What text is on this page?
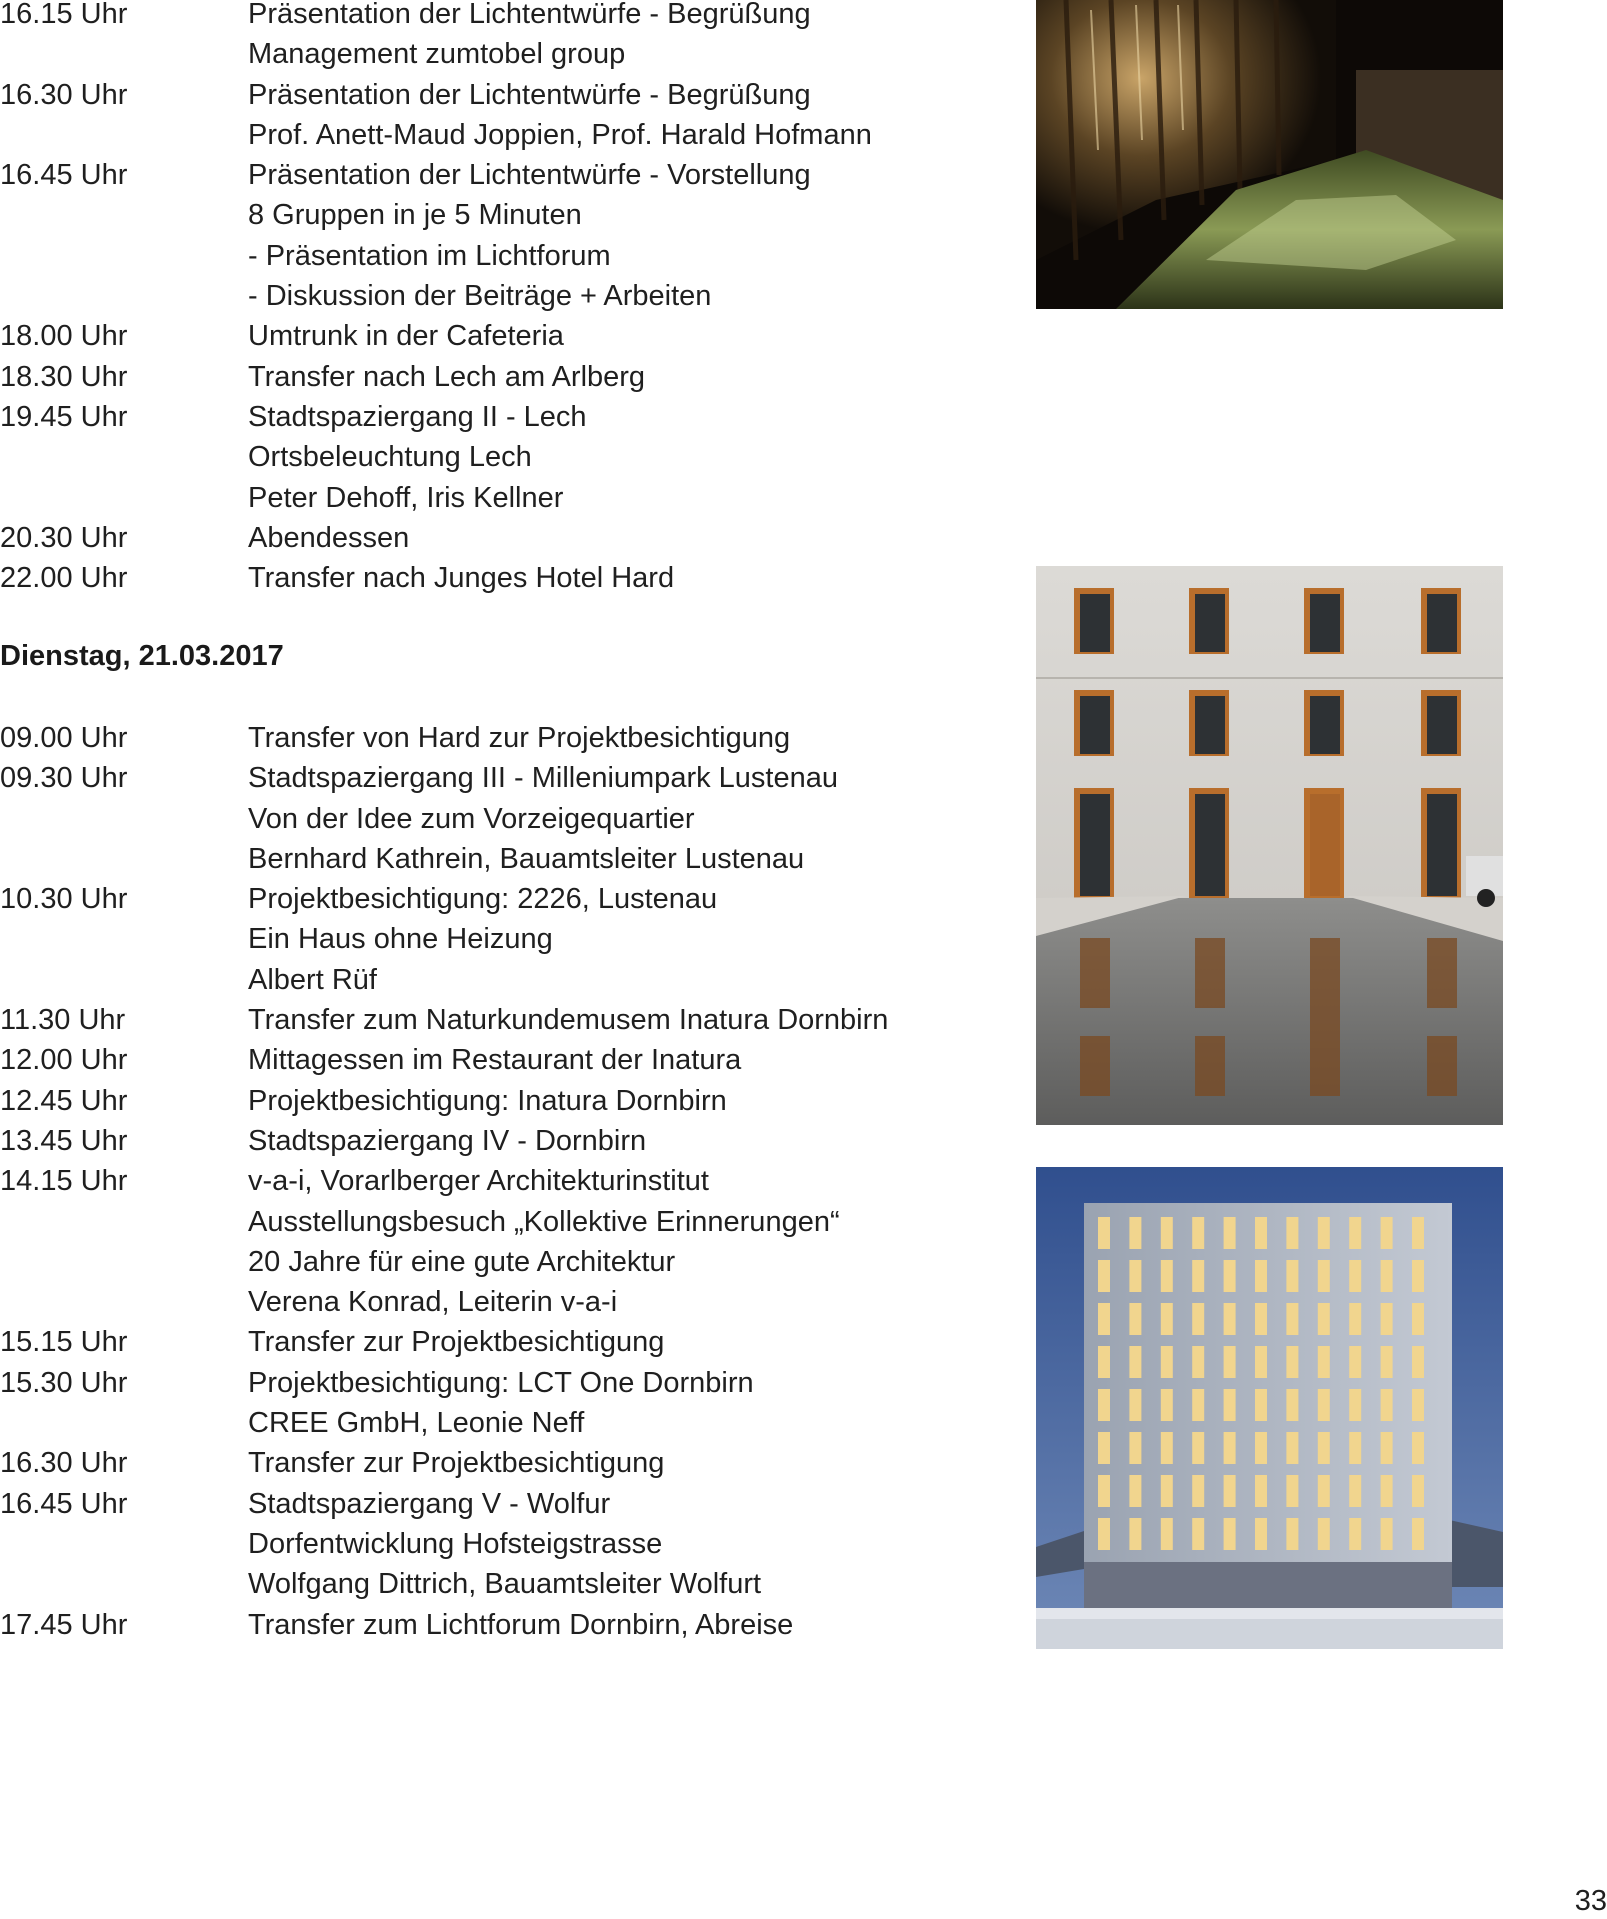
16.15 Uhr	Präsentation der Lichtentwürfe - Begrüßung
Management zumtobel group
16.30 Uhr	Präsentation der Lichtentwürfe - Begrüßung
Prof. Anett-Maud Joppien, Prof. Harald Hofmann
16.45 Uhr	Präsentation der Lichtentwürfe - Vorstellung
8 Gruppen in je 5 Minuten
- Präsentation im Lichtforum
- Diskussion der Beiträge + Arbeiten
18.00 Uhr	Umtrunk in der Cafeteria
18.30 Uhr	Transfer nach Lech am Arlberg
19.45 Uhr	Stadtspaziergang II - Lech
Ortsbeleuchtung Lech
Peter Dehoff, Iris Kellner
20.30 Uhr	Abendessen
22.00 Uhr	Transfer nach Junges Hotel Hard
Dienstag, 21.03.2017
09.00 Uhr	Transfer von Hard zur Projektbesichtigung
09.30 Uhr	Stadtspaziergang III - Milleniumpark Lustenau
Von der Idee zum Vorzeigequartier
Bernhard Kathrein, Bauamtsleiter Lustenau
10.30 Uhr	Projektbesichtigung: 2226, Lustenau
Ein Haus ohne Heizung
Albert Rüf
11.30 Uhr	Transfer zum Naturkundemusem Inatura Dornbirn
12.00 Uhr	Mittagessen im Restaurant der Inatura
12.45 Uhr	Projektbesichtigung: Inatura Dornbirn
13.45 Uhr	Stadtspaziergang IV - Dornbirn
14.15 Uhr	v-a-i, Vorarlberger Architekturinstitut
Ausstellungsbesuch „Kollektive Erinnerungen“
20 Jahre für eine gute Architektur
Verena Konrad, Leiterin v-a-i
15.15 Uhr	Transfer zur Projektbesichtigung
15.30 Uhr	Projektbesichtigung: LCT One Dornbirn
CREE GmbH, Leonie Neff
16.30 Uhr	Transfer zur Projektbesichtigung
16.45 Uhr	Stadtspaziergang V - Wolfur
Dorfentwicklung Hofsteigstrasse
Wolfgang Dittrich, Bauamtsleiter Wolfurt
17.45 Uhr	Transfer zum Lichtforum Dornbirn, Abreise
33
